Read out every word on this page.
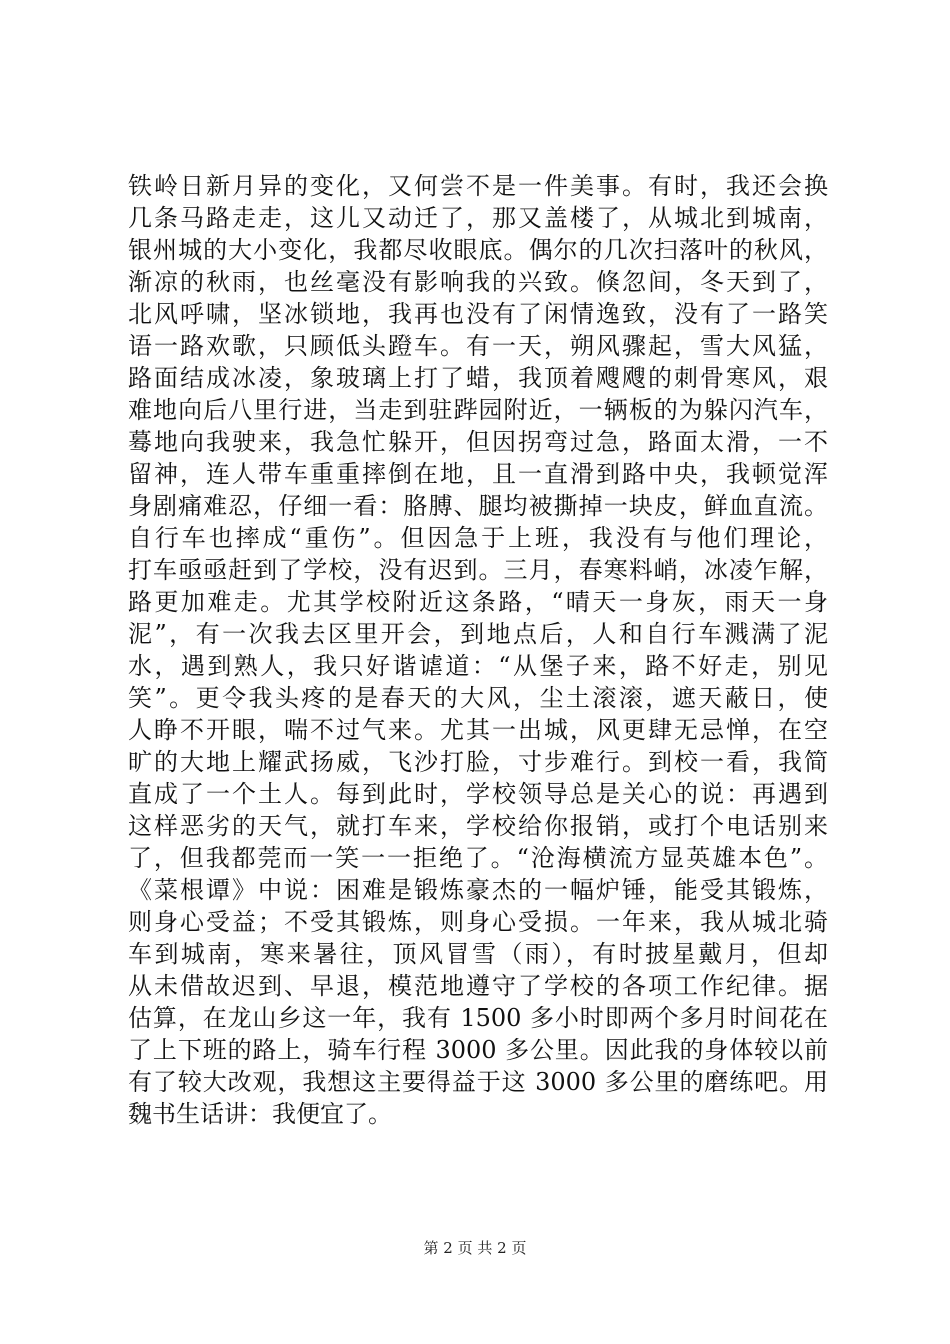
铁岭日新月异的变化，又何尝不是一件美事。有时，我还会换
几条马路走走，这儿又动迁了，那又盖楼了，从城北到城南，
银州城的大小变化，我都尽收眼底。偶尔的几次扫落叶的秋风，
渐凉的秋雨，也丝毫没有影响我的兴致。倏忽间，冬天到了，
北风呼啸，坚冰锁地，我再也没有了闲情逸致，没有了一路笑
语一路欢歌，只顾低头蹬车。有一天，朔风骤起，雪大风猛，
路面结成冰凌，象玻璃上打了蜡，我顶着飕飕的刺骨寒风，艰
难地向后八里行进，当走到驻跸园附近，一辆板的为躲闪汽车，
蓦地向我驶来，我急忙躲开，但因拐弯过急，路面太滑，一不
留神，连人带车重重摔倒在地，且一直滑到路中央，我顿觉浑
身剧痛难忍，仔细一看：胳膊、腿均被撕掉一块皮，鲜血直流。
自行车也摔成“重伤”。但因急于上班，我没有与他们理论，
打车亟亟赶到了学校，没有迟到。三月，春寒料峭，冰凌乍解，
路更加难走。尤其学校附近这条路，“晴天一身灰，雨天一身
泥”，有一次我去区里开会，到地点后，人和自行车溅满了泥
水，遇到熟人，我只好谐谑道：“从堡子来，路不好走，别见
笑”。更令我头疼的是春天的大风，尘土滚滚，遮天蔽日，使
人睁不开眼，喘不过气来。尤其一出城，风更肆无忌惮，在空
旷的大地上耀武扬威，飞沙打脸，寸步难行。到校一看，我简
直成了一个土人。每到此时，学校领导总是关心的说：再遇到
这样恶劣的天气，就打车来，学校给你报销，或打个电话别来
了，但我都莞而一笑一一拒绝了。“沧海横流方显英雄本色”。
《菜根谭》中说：困难是锻炼豪杰的一幅炉锤，能受其锻炼，
则身心受益；不受其锻炼，则身心受损。一年来，我从城北骑
车到城南，寒来暑往，顶风冒雪（雨），有时披星戴月，但却
从未借故迟到、早退，模范地遵守了学校的各项工作纪律。据
估算，在龙山乡这一年，我有 1500 多小时即两个多月时间花在
了上下班的路上，骑车行程 3000 多公里。因此我的身体较以前
有了较大改观，我想这主要得益于这 3000 多公里的磨练吧。用
魏书生话讲：我便宜了。
第 2 页 共 2 页
